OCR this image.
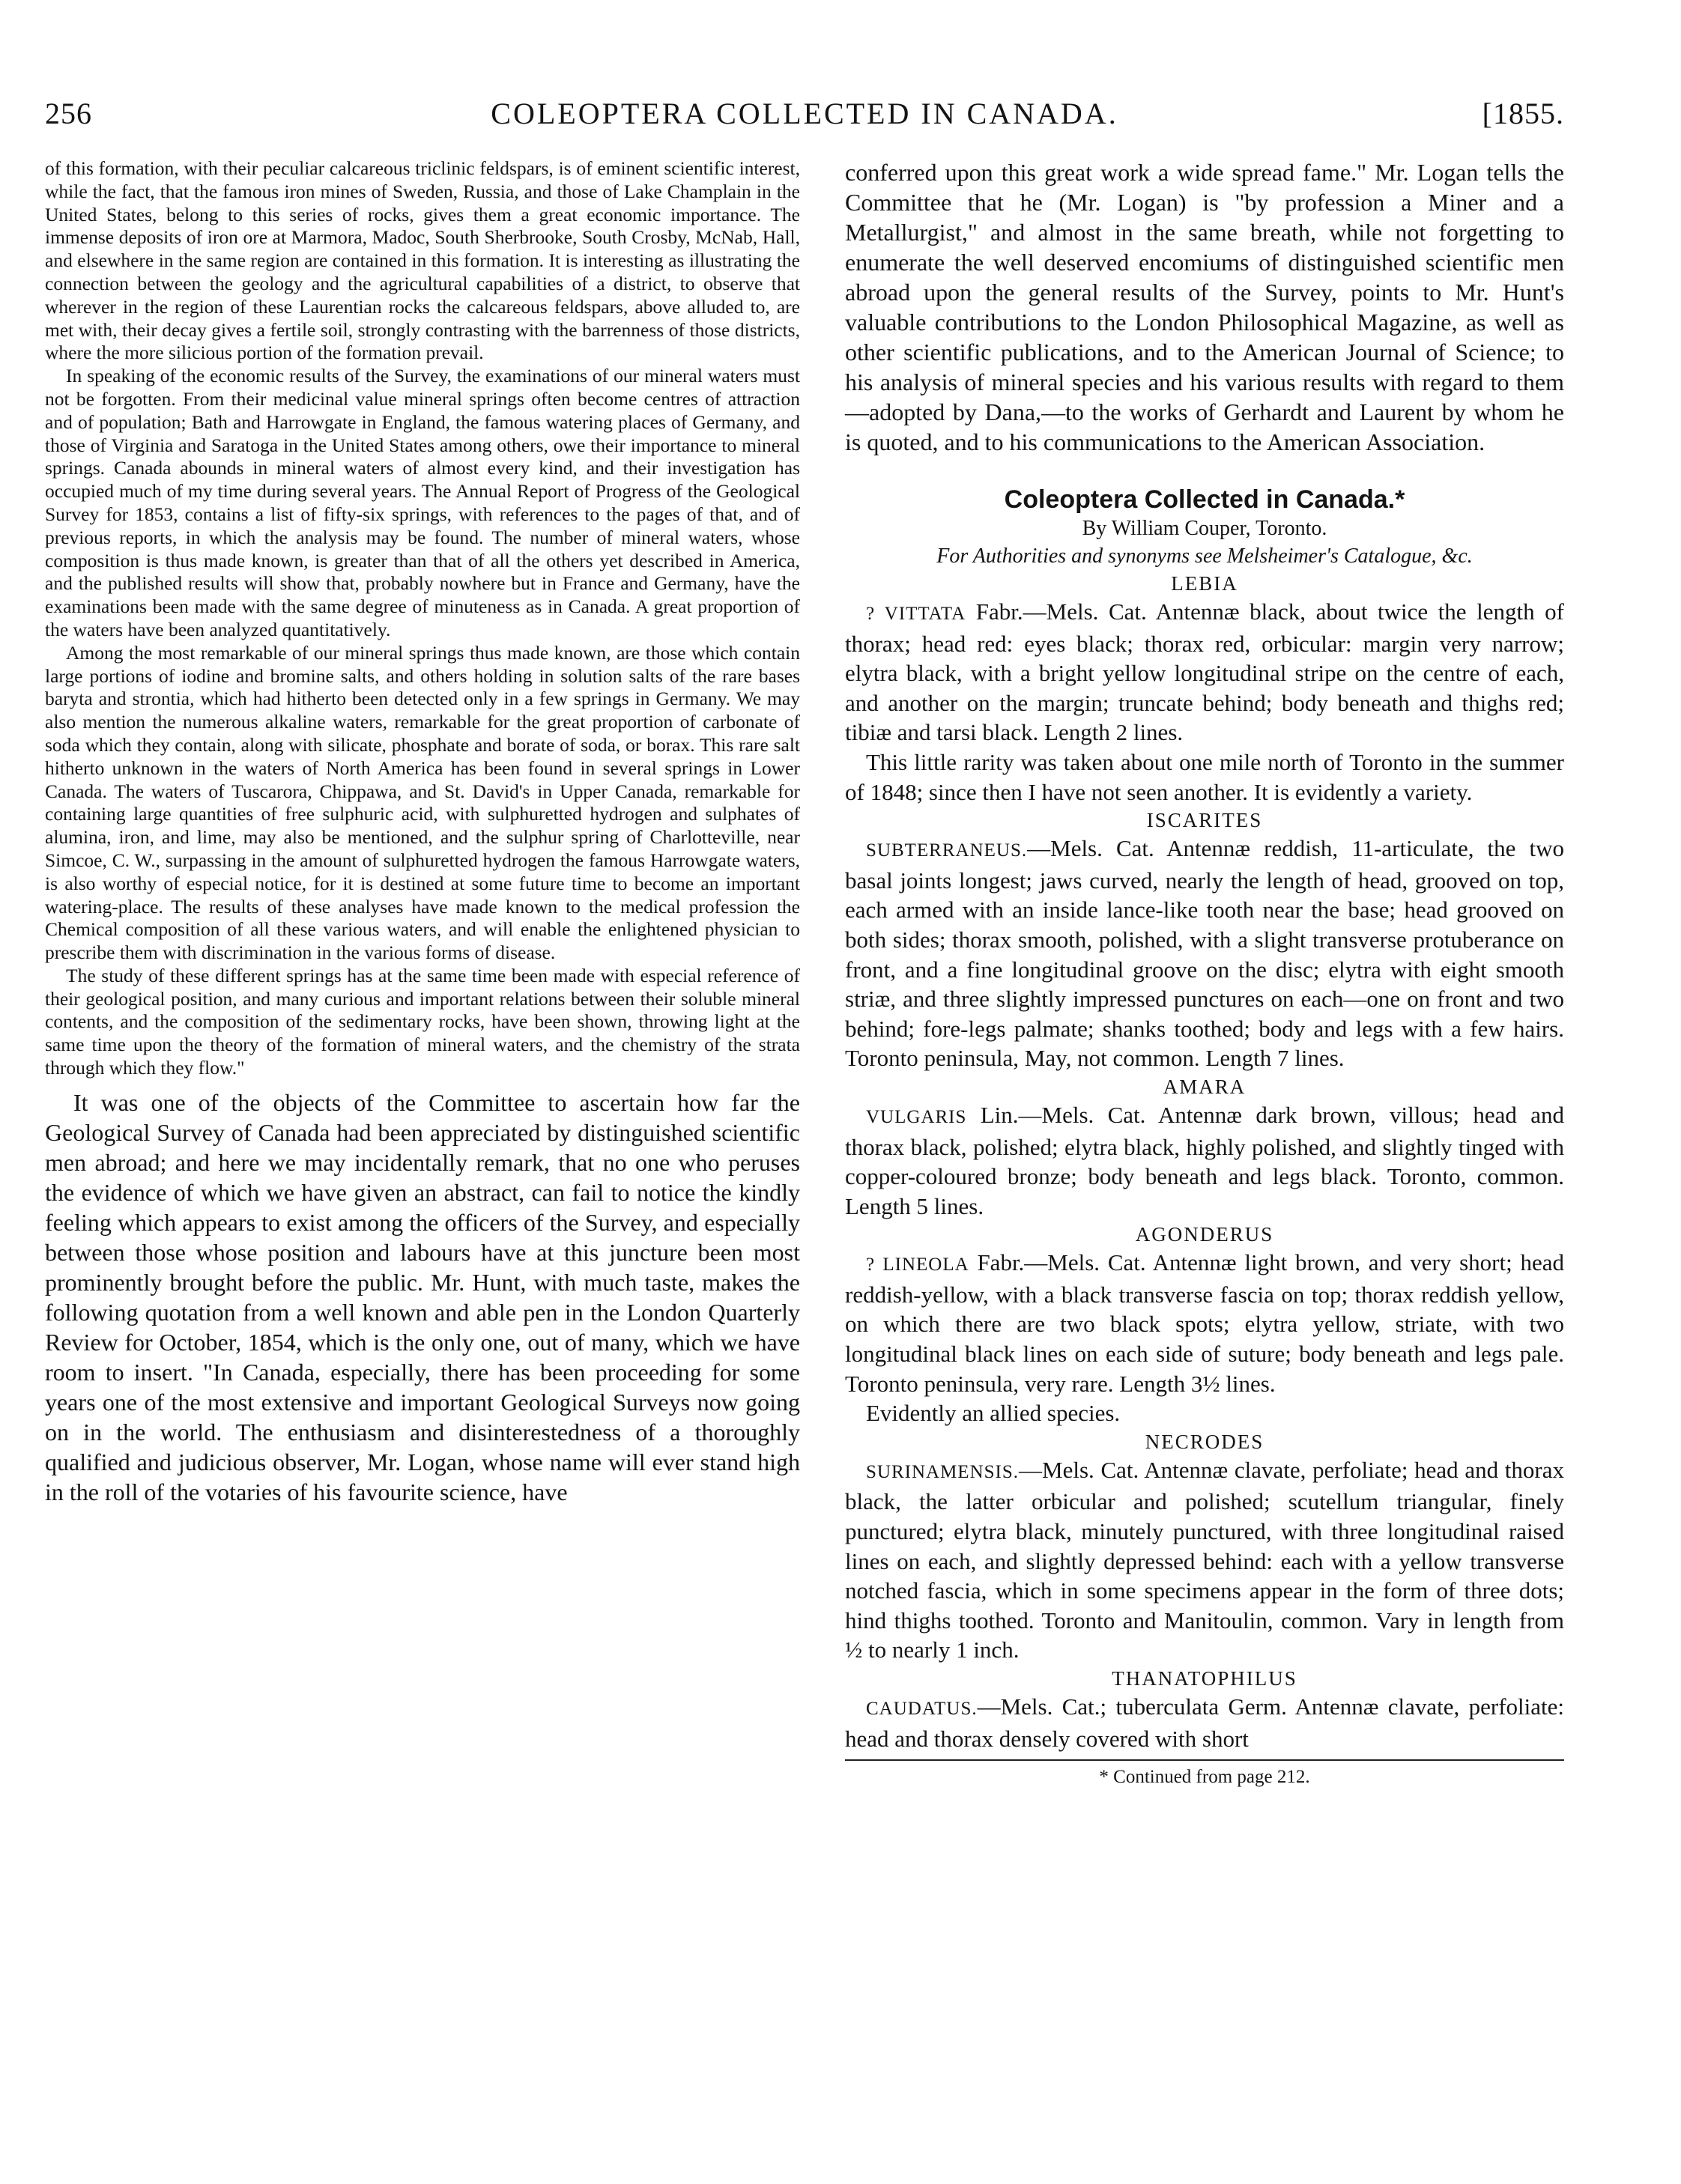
256	COLEOPTERA COLLECTED IN CANADA.	[1855.

of this formation, with their peculiar calcareous triclinic feldspars, is of eminent scientific interest, while the fact, that the famous iron mines of Sweden, Russia, and those of Lake Champlain in the United States, belong to this series of rocks, gives them a great economic importance. The immense deposits of iron ore at Marmora, Madoc, South Sherbrooke, South Crosby, McNab, Hall, and elsewhere in the same region are contained in this formation. It is interesting as illustrating the connection between the geology and the agricultural capabilities of a district, to observe that wherever in the region of these Laurentian rocks the calcareous feldspars, above alluded to, are met with, their decay gives a fertile soil, strongly contrasting with the barrenness of those districts, where the more silicious portion of the formation prevail.

In speaking of the economic results of the Survey, the examinations of our mineral waters must not be forgotten. From their medicinal value mineral springs often become centres of attraction and of population; Bath and Harrowgate in England, the famous watering places of Germany, and those of Virginia and Saratoga in the United States among others, owe their importance to mineral springs. Canada abounds in mineral waters of almost every kind, and their investigation has occupied much of my time during several years. The Annual Report of Progress of the Geological Survey for 1853, contains a list of fifty-six springs, with references to the pages of that, and of previous reports, in which the analysis may be found. The number of mineral waters, whose composition is thus made known, is greater than that of all the others yet described in America, and the published results will show that, probably nowhere but in France and Germany, have the examinations been made with the same degree of minuteness as in Canada. A great proportion of the waters have been analyzed quantitatively.

Among the most remarkable of our mineral springs thus made known, are those which contain large portions of iodine and bromine salts, and others holding in solution salts of the rare bases baryta and strontia, which had hitherto been detected only in a few springs in Germany. We may also mention the numerous alkaline waters, remarkable for the great proportion of carbonate of soda which they contain, along with silicate, phosphate and borate of soda, or borax. This rare salt hitherto unknown in the waters of North America has been found in several springs in Lower Canada. The waters of Tuscarora, Chippawa, and St. David's in Upper Canada, remarkable for containing large quantities of free sulphuric acid, with sulphuretted hydrogen and sulphates of alumina, iron, and lime, may also be mentioned, and the sulphur spring of Charlotteville, near Simcoe, C. W., surpassing in the amount of sulphuretted hydrogen the famous Harrowgate waters, is also worthy of especial notice, for it is destined at some future time to become an important watering-place. The results of these analyses have made known to the medical profession the Chemical composition of all these various waters, and will enable the enlightened physician to prescribe them with discrimination in the various forms of disease.

The study of these different springs has at the same time been made with especial reference of their geological position, and many curious and important relations between their soluble mineral contents, and the composition of the sedimentary rocks, have been shown, throwing light at the same time upon the theory of the formation of mineral waters, and the chemistry of the strata through which they flow."

It was one of the objects of the Committee to ascertain how far the Geological Survey of Canada had been appreciated by distinguished scientific men abroad; and here we may incidentally remark, that no one who peruses the evidence of which we have given an abstract, can fail to notice the kindly feeling which appears to exist among the officers of the Survey, and especially between those whose position and labours have at this juncture been most prominently brought before the public. Mr. Hunt, with much taste, makes the following quotation from a well known and able pen in the London Quarterly Review for October, 1854, which is the only one, out of many, which we have room to insert. "In Canada, especially, there has been proceeding for some years one of the most extensive and important Geological Surveys now going on in the world. The enthusiasm and disinterestedness of a thoroughly qualified and judicious observer, Mr. Logan, whose name will ever stand high in the roll of the votaries of his favourite science, have

conferred upon this great work a wide spread fame." Mr. Logan tells the Committee that he (Mr. Logan) is "by profession a Miner and a Metallurgist," and almost in the same breath, while not forgetting to enumerate the well deserved encomiums of distinguished scientific men abroad upon the general results of the Survey, points to Mr. Hunt's valuable contributions to the London Philosophical Magazine, as well as other scientific publications, and to the American Journal of Science; to his analysis of mineral species and his various results with regard to them—adopted by Dana,—to the works of Gerhardt and Laurent by whom he is quoted, and to his communications to the American Association.

Coleoptera Collected in Canada.*

By William Couper, Toronto.

For Authorities and synonyms see Melsheimer's Catalogue, &c.

LEBIA

? VITTATA Fabr.—Mels. Cat. Antennæ black, about twice the length of thorax; head red: eyes black; thorax red, orbicular: margin very narrow; elytra black, with a bright yellow longitudinal stripe on the centre of each, and another on the margin; truncate behind; body beneath and thighs red; tibiæ and tarsi black. Length 2 lines.

This little rarity was taken about one mile north of Toronto in the summer of 1848; since then I have not seen another. It is evidently a variety.

ISCARITES

SUBTERRANEUS.—Mels. Cat. Antennæ reddish, 11-articulate, the two basal joints longest; jaws curved, nearly the length of head, grooved on top, each armed with an inside lance-like tooth near the base; head grooved on both sides; thorax smooth, polished, with a slight transverse protuberance on front, and a fine longitudinal groove on the disc; elytra with eight smooth striæ, and three slightly impressed punctures on each—one on front and two behind; fore-legs palmate; shanks toothed; body and legs with a few hairs. Toronto peninsula, May, not common. Length 7 lines.

AMARA

VULGARIS Lin.—Mels. Cat. Antennæ dark brown, villous; head and thorax black, polished; elytra black, highly polished, and slightly tinged with copper-coloured bronze; body beneath and legs black. Toronto, common. Length 5 lines.

AGONDERUS

? LINEOLA Fabr.—Mels. Cat. Antennæ light brown, and very short; head reddish-yellow, with a black transverse fascia on top; thorax reddish yellow, on which there are two black spots; elytra yellow, striate, with two longitudinal black lines on each side of suture; body beneath and legs pale. Toronto peninsula, very rare. Length 3½ lines.

Evidently an allied species.

NECRODES

SURINAMENSIS.—Mels. Cat. Antennæ clavate, perfoliate; head and thorax black, the latter orbicular and polished; scutellum triangular, finely punctured; elytra black, minutely punctured, with three longitudinal raised lines on each, and slightly depressed behind: each with a yellow transverse notched fascia, which in some specimens appear in the form of three dots; hind thighs toothed. Toronto and Manitoulin, common. Vary in length from ½ to nearly 1 inch.

THANATOPHILUS

CAUDATUS.—Mels. Cat.; tuberculata Germ. Antennæ clavate, perfoliate: head and thorax densely covered with short

* Continued from page 212.
